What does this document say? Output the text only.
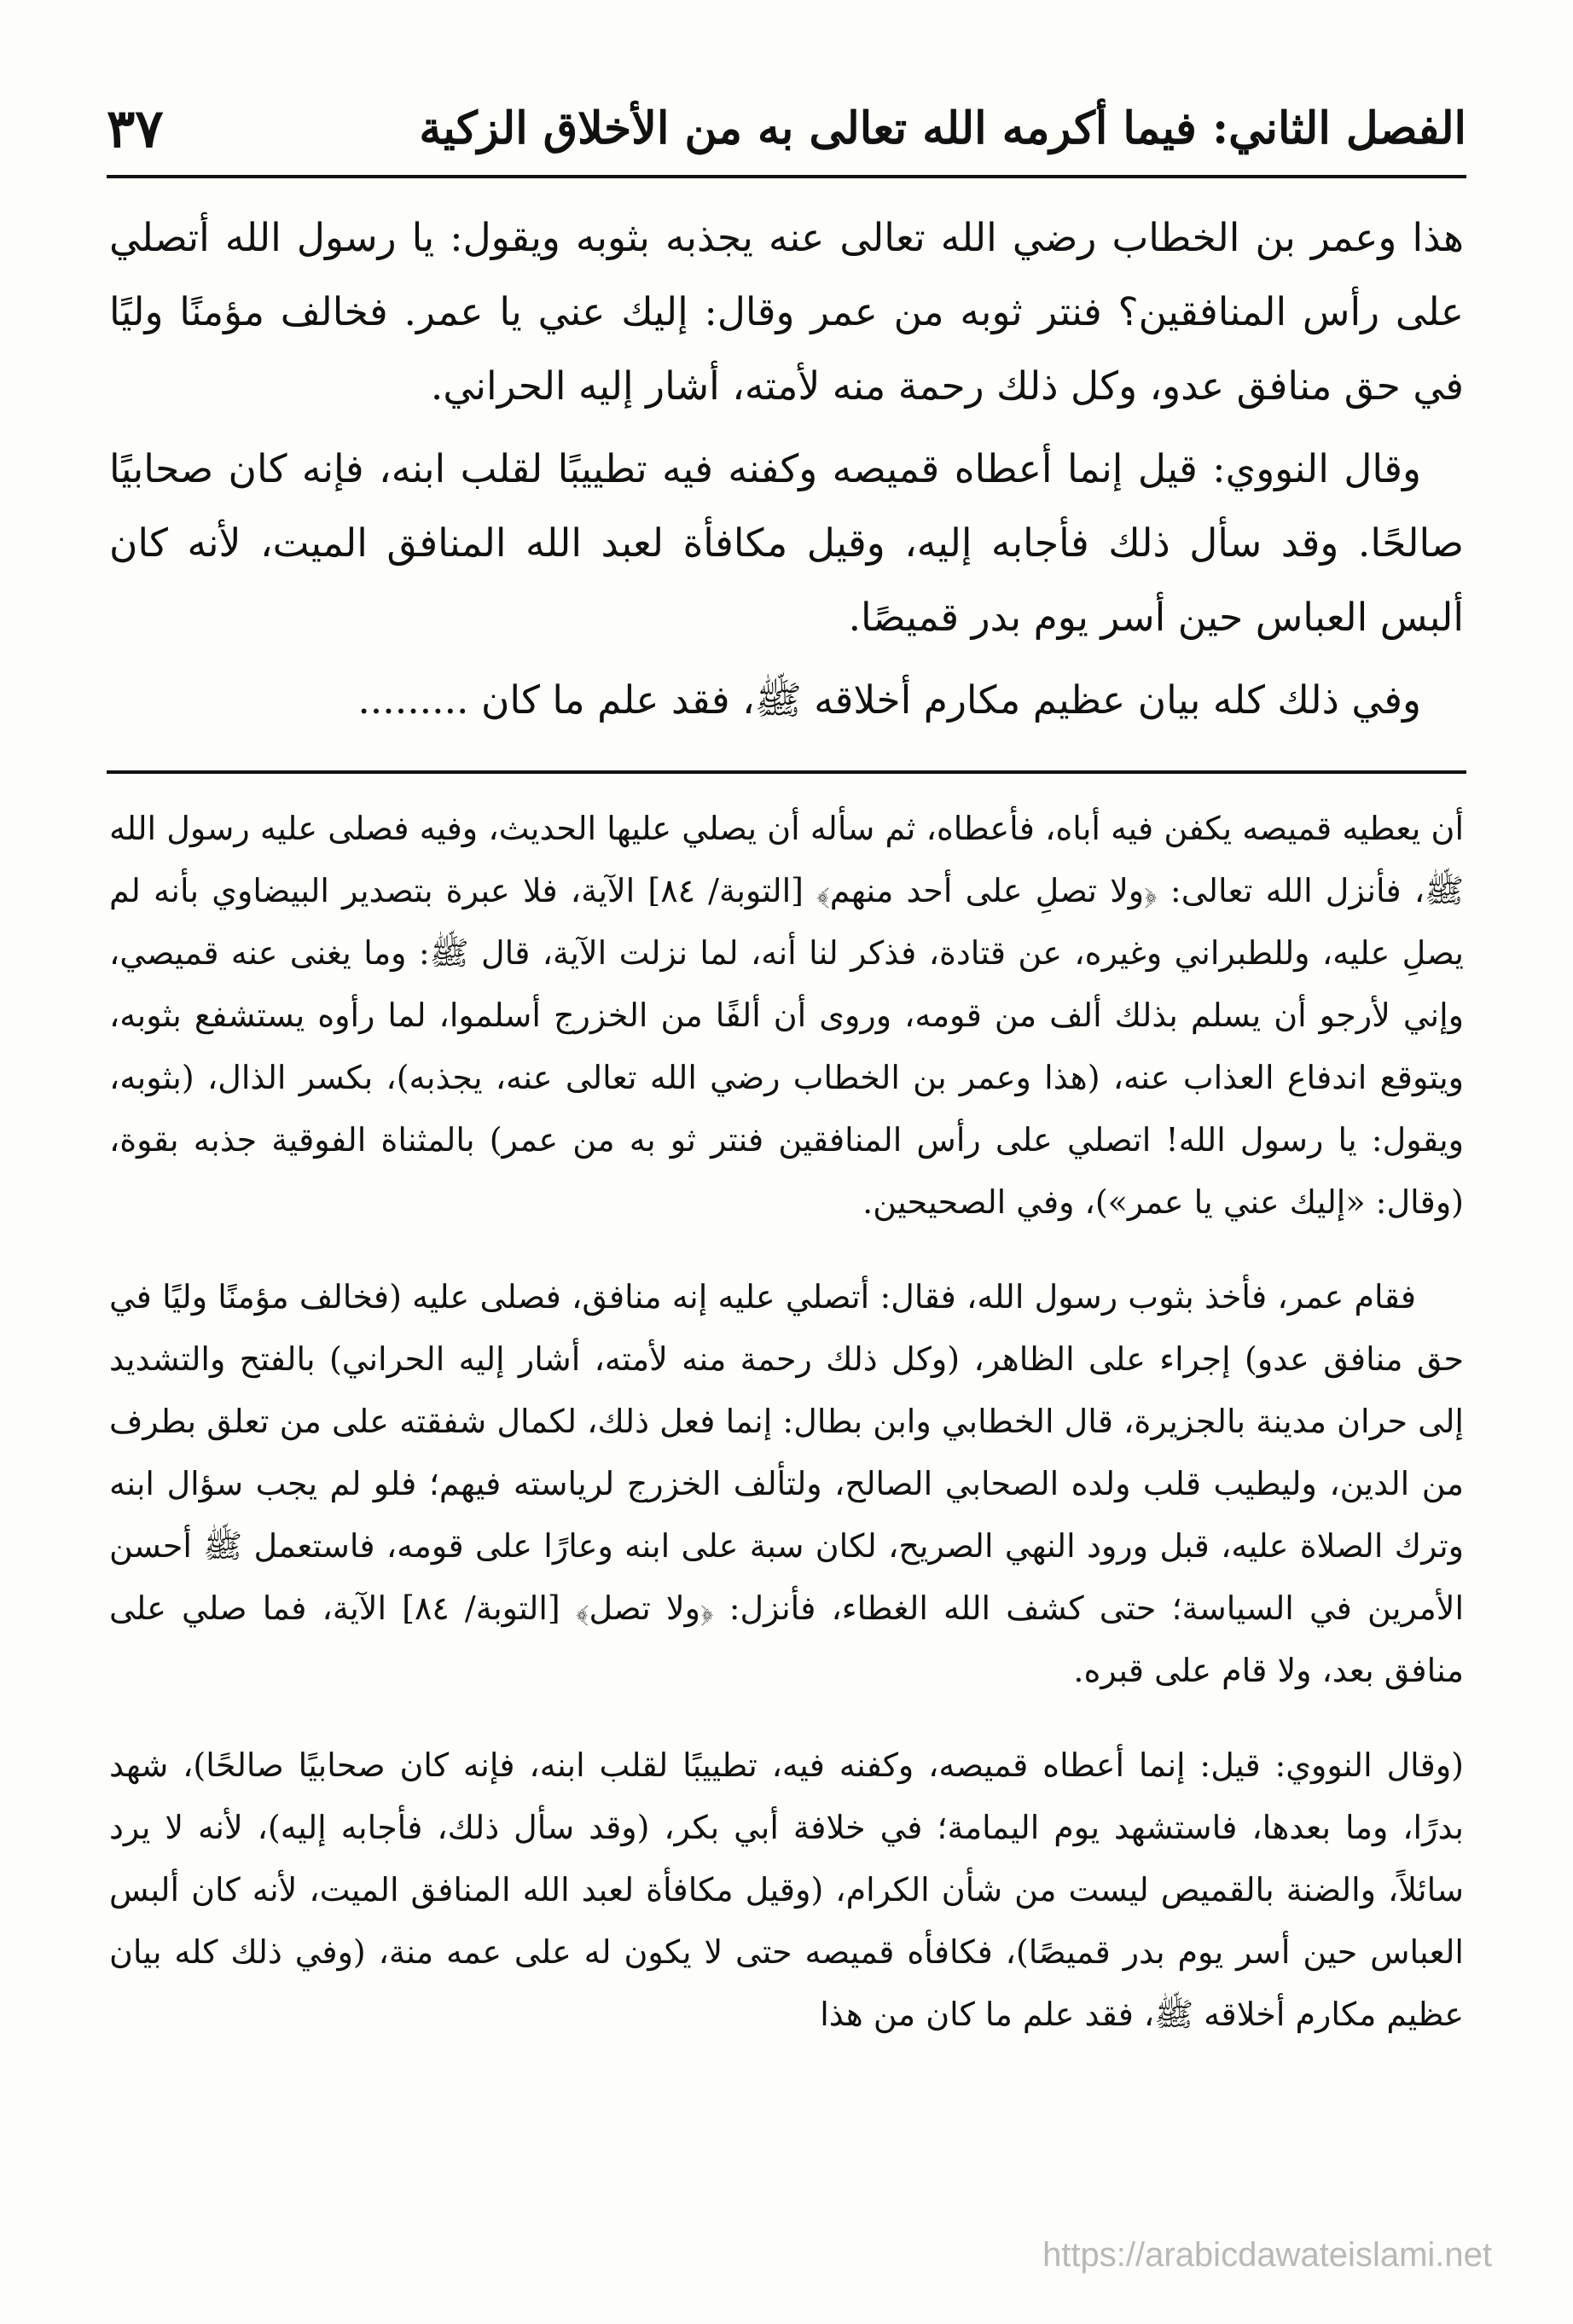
الفصل الثاني: فيما أكرمه الله تعالى به من الأخلاق الزكية
٣٧

هذا وعمر بن الخطاب رضي الله تعالى عنه يجذبه بثوبه ويقول: يا رسول الله أتصلي على رأس المنافقين؟ فنتر ثوبه من عمر وقال: إليك عني يا عمر. فخالف مؤمنًا وليًا في حق منافق عدو، وكل ذلك رحمة منه لأمته، أشار إليه الحراني.

وقال النووي: قيل إنما أعطاه قميصه وكفنه فيه تطييبًا لقلب ابنه، فإنه كان صحابيًا صالحًا. وقد سأل ذلك فأجابه إليه، وقيل مكافأة لعبد الله المنافق الميت، لأنه كان ألبس العباس حين أسر يوم بدر قميصًا.

وفي ذلك كله بيان عظيم مكارم أخلاقه ﷺ، فقد علم ما كان .........

أن يعطيه قميصه يكفن فيه أباه، فأعطاه، ثم سأله أن يصلي عليها الحديث، وفيه فصلى عليه رسول الله ﷺ، فأنزل الله تعالى: ﴿ولا تصلِ على أحد منهم﴾ [التوبة/ ٨٤] الآية، فلا عبرة بتصدير البيضاوي بأنه لم يصلِ عليه، وللطبراني وغيره، عن قتادة، فذكر لنا أنه، لما نزلت الآية، قال ﷺ: وما يغنى عنه قميصي، وإني لأرجو أن يسلم بذلك ألف من قومه، وروى أن ألفًا من الخزرج أسلموا، لما رأوه يستشفع بثوبه، ويتوقع اندفاع العذاب عنه، (هذا وعمر بن الخطاب رضي الله تعالى عنه، يجذبه)، بكسر الذال، (بثوبه، ويقول: يا رسول الله! اتصلي على رأس المنافقين فنتر ثو به من عمر) بالمثناة الفوقية جذبه بقوة، (وقال: «إليك عني يا عمر»)، وفي الصحيحين.

فقام عمر، فأخذ بثوب رسول الله، فقال: أتصلي عليه إنه منافق، فصلى عليه (فخالف مؤمنًا وليًا في حق منافق عدو) إجراء على الظاهر، (وكل ذلك رحمة منه لأمته، أشار إليه الحراني) بالفتح والتشديد إلى حران مدينة بالجزيرة، قال الخطابي وابن بطال: إنما فعل ذلك، لكمال شفقته على من تعلق بطرف من الدين، وليطيب قلب ولده الصحابي الصالح، ولتألف الخزرج لرياسته فيهم؛ فلو لم يجب سؤال ابنه وترك الصلاة عليه، قبل ورود النهي الصريح، لكان سبة على ابنه وعارًا على قومه، فاستعمل ﷺ أحسن الأمرين في السياسة؛ حتى كشف الله الغطاء، فأنزل: ﴿ولا تصل﴾ [التوبة/ ٨٤] الآية، فما صلي على منافق بعد، ولا قام على قبره.

(وقال النووي: قيل: إنما أعطاه قميصه، وكفنه فيه، تطييبًا لقلب ابنه، فإنه كان صحابيًا صالحًا)، شهد بدرًا، وما بعدها، فاستشهد يوم اليمامة؛ في خلافة أبي بكر، (وقد سأل ذلك، فأجابه إليه)، لأنه لا يرد سائلاً، والضنة بالقميص ليست من شأن الكرام، (وقيل مكافأة لعبد الله المنافق الميت، لأنه كان ألبس العباس حين أسر يوم بدر قميصًا)، فكافأه قميصه حتى لا يكون له على عمه منة، (وفي ذلك كله بيان عظيم مكارم أخلاقه ﷺ، فقد علم ما كان من هذا

https://arabicdawateislami.net
